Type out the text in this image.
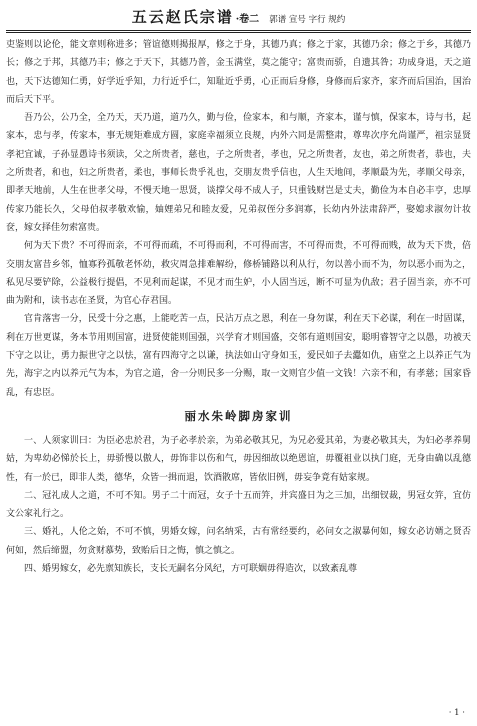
五云赵氏宗谱 ·卷二 郭谱 宣号 字行 规约

吏鉴则以论伦，能文章则称进多；管谊德则揭报厚，修之于身，其德乃真；修之于家，其德乃余；修之于乡，其德乃长；修之于邦，其德乃丰；修之于天下，其德乃普，金玉满堂，莫之能守；富贵而骄，自遗其咎；功成身退，天之道也，天下达德知仁勇，好学近乎知，力行近乎仁，知耻近乎勇，心正而后身修，身修而后家齐，家齐而后国治，国治而后天下平。

吾乃公，公乃全，全乃天，天乃道，道乃久，勤与俭，俭家本，和与顺，齐家本，谨与慎，保家本，诗与书，起家本，忠与孝，传家本，事无规矩难成方圆，家庭幸福须立良规，内外六同是需整肃，尊卑次序允尚谨严，祖宗显贤孝祀宜诚，子孙显愚诗书须读，父之所贵者，慈也，子之所贵者，孝也，兄之所贵者，友也，弟之所贵者，恭也，夫之所贵者，和也，妇之所贵者，柔也，事师长贵乎礼也，交朋友贵乎信也，人生天地间，孝顺最为先，孝顺父母亲，即孝天地前，人生在世孝父母，不慢天地一思贤，谈撑父母不成人子，只重钱财岂是丈夫，勤俭为本自必丰亨，忠厚传家乃能长久，父母伯叔孝敬欢愉，妯娌弟兄和睦友爱，兄弟叔侄分多润寡，长幼内外法肃辞严，娶媳求淑勿计妆奁，嫁女择佳勿索富贵。

何为天下贵？不可得而亲，不可得而疏，不可得而利，不可得而害，不可得而贵，不可得而贱，故为天下贵，倍交朋友富昔乡邻，恤寡矜孤敬老怀幼，救灾周急排难解纷，修桥铺路以利从行，勿以善小而不为，勿以恶小而为之，私见尽要铲除，公益极行提倡，不见利而起谋，不见才而生妒，小人固当远，断不可显为仇敌；君子固当亲，亦不可曲为附和，读书志在圣贤，为官心存君国。

官肯落害一分，民受十分之惠，上能吃苦一点，民沾万点之恩，利在一身勿谋，利在天下必谋，利在一时固谋，利在万世更谋，务本节用则国富，进贤使能则国强，兴学育才则国盛，交邻有道则国安，聪明睿智守之以愚，功被天下守之以让，勇力振世守之以怯，富有四海守之以谦，执法如山守身如玉，爱民如子去蠹如仇，庙堂之上以养正气为先，海宇之内以养元气为本，为官之道，舍一分则民多一分赐，取一文则官少值一文钱！六亲不和，有孝慈；国家昏乱，有忠臣。

丽水朱岭脚房家训

一、人须家训曰：为臣必忠於君，为子必孝於亲，为弟必敬其兄，为兄必爱其弟，为妻必敬其夫，为妇必孝养舅姑，为卑幼必悌於长上，毋骄慢以傲人，毋饰非以伤和气，毋因细故以绝恩谊，毋覆祖业以执门庭，无身由确以乱德性，有一於已，即非人类，德华，众皆一揖而退，饮酒散席，皆依旧例，毋妄争竟有姑家规。

二、冠礼成人之道，不可不知。男子二十而冠，女子十五而笄，并宾盛日为之三加，出细钗裁，男冠女笄，宜仿文公家礼行之。

三、婚礼，人伦之始，不可不慎，男婚女嫁，问名纳采，古有常经要约，必问女之淑暴何如，嫁女必访婿之贤否何如，然后缔盟，勿贪财慕势，致贻后日之悔，慎之慎之。

四、婚男嫁女，必先禀知族长，支长无嗣名分风纪，方可联姻毋得造次，以致紊乱尊

· 1 ·
